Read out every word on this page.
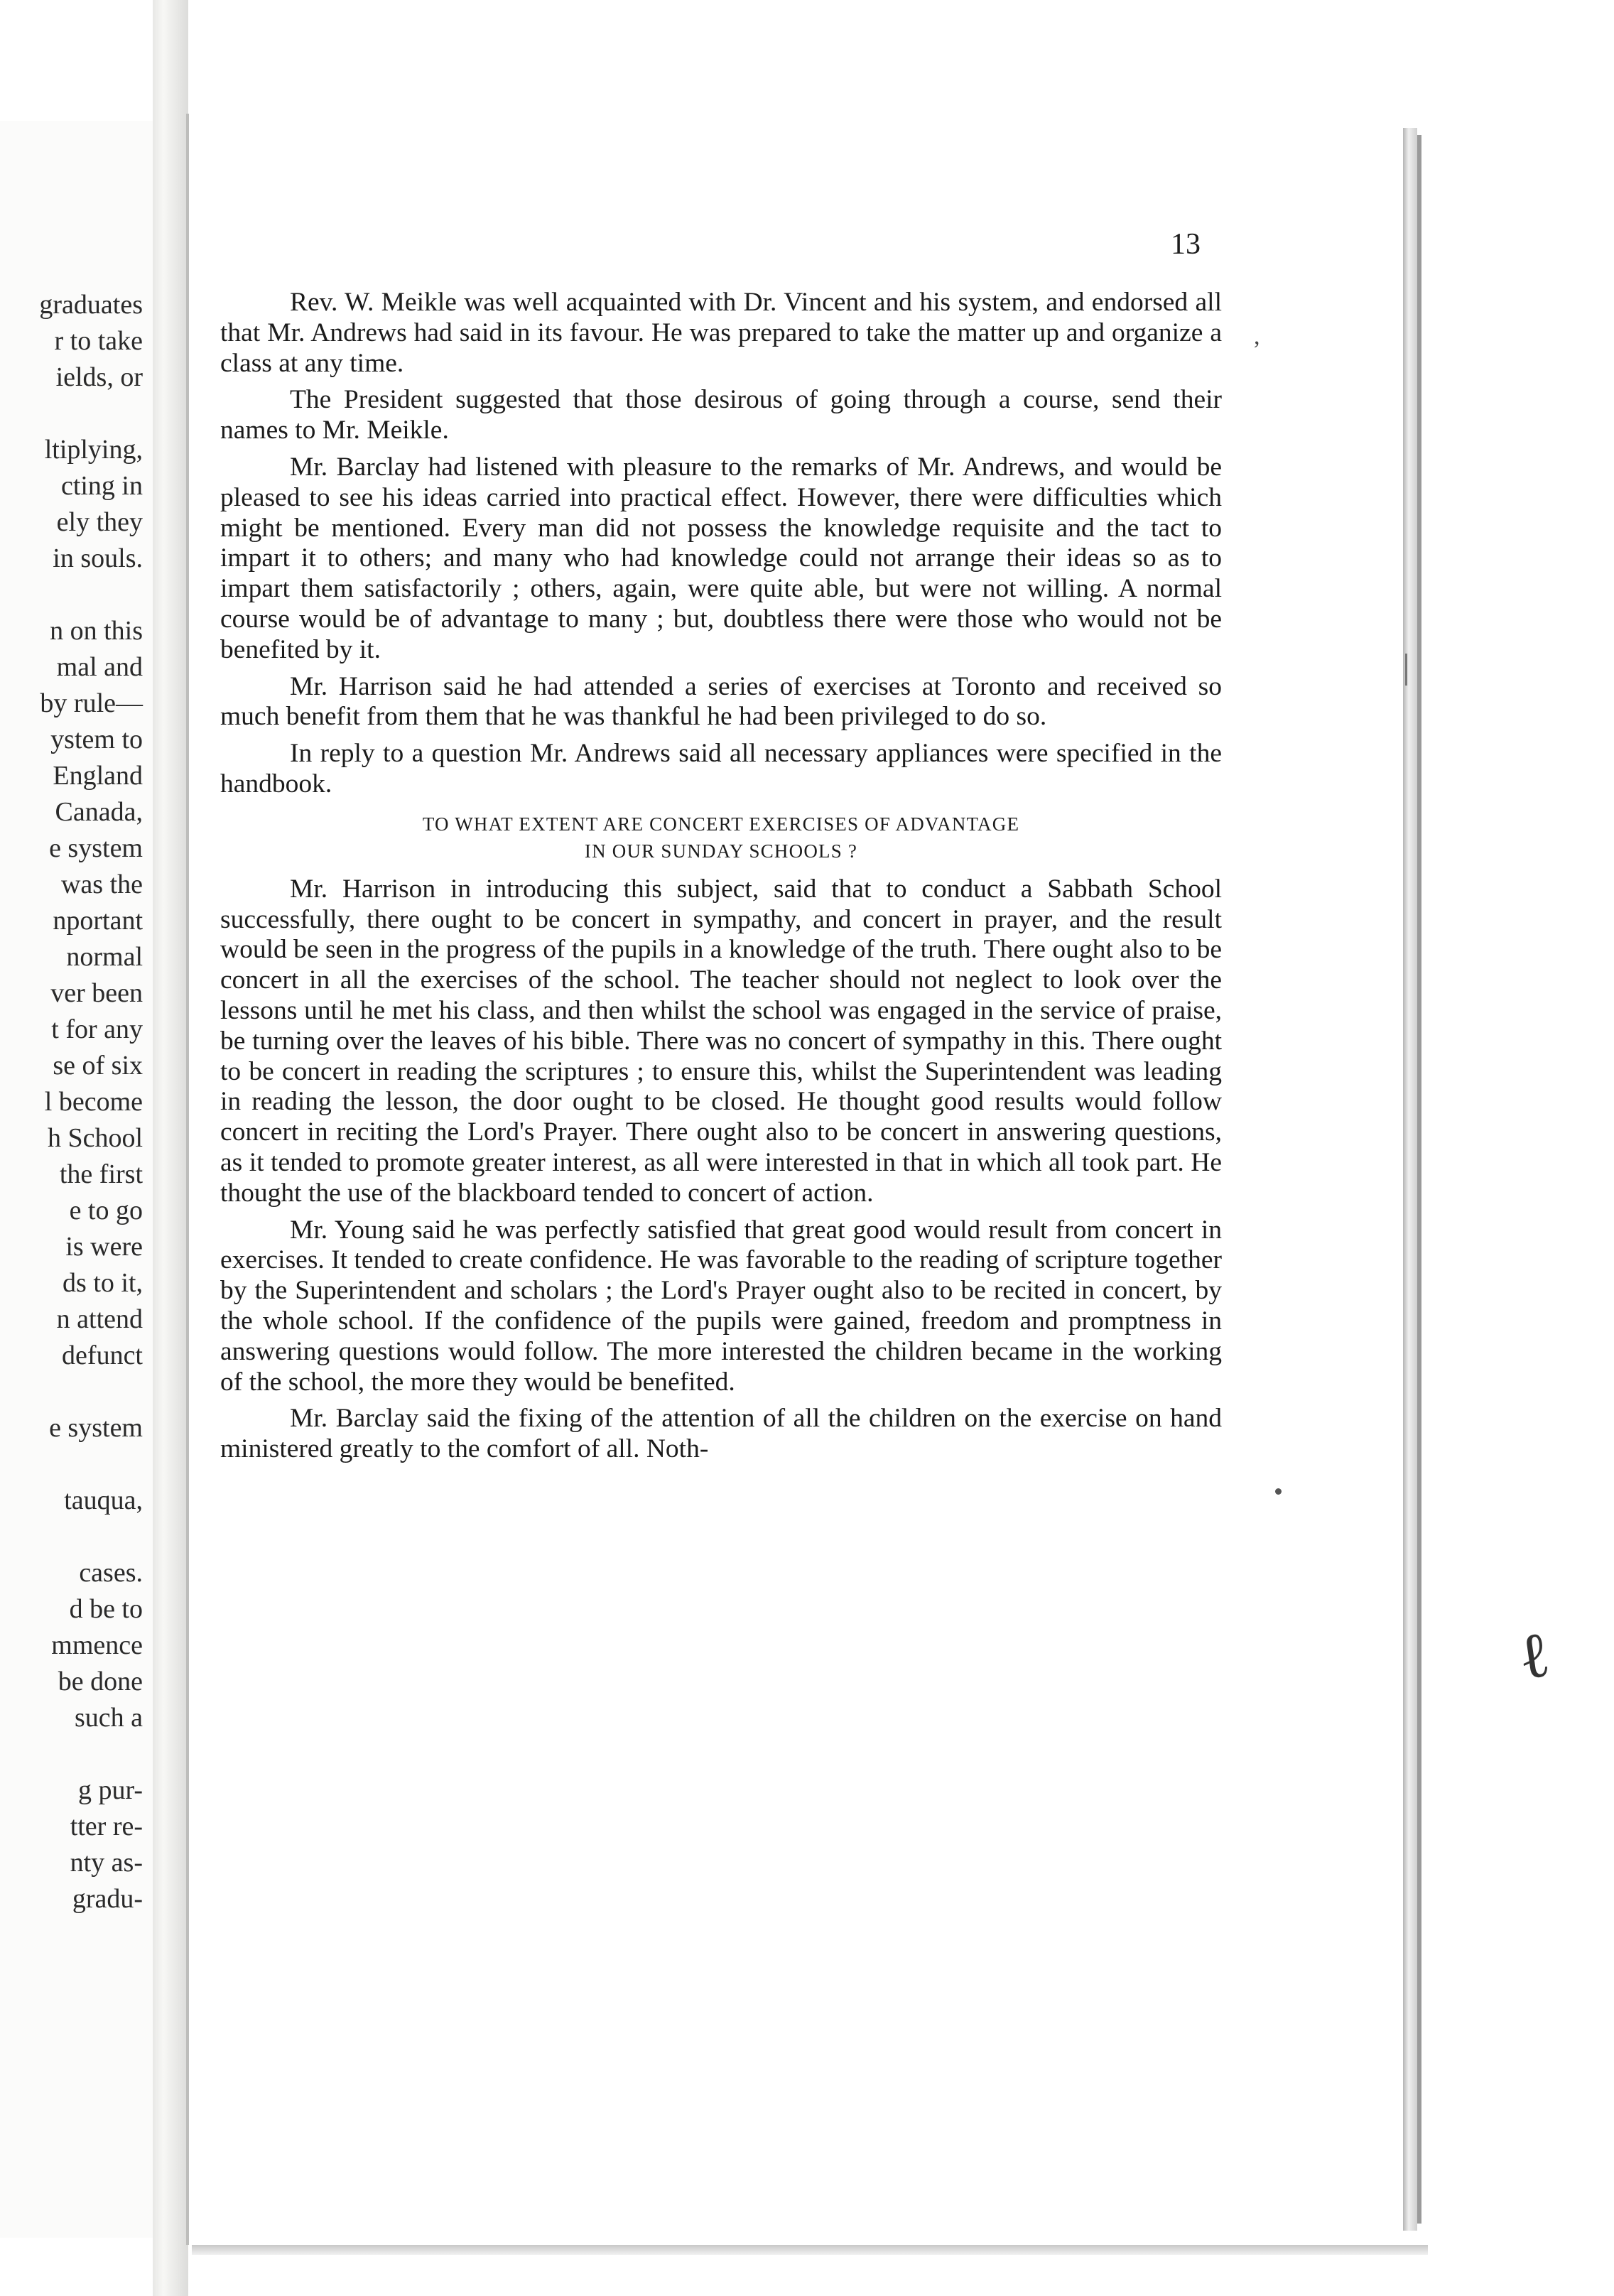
graduates
r to take
ields, or
ltiplying,
cting in
ely they
in souls.
n on this
mal and
by rule—
ystem to
England
Canada,
e system
was the
nportant
normal
ver been
t for any
se of six
l become
h School
the first
e to go
is were
ds to it,
n attend
defunct
e system
tauqua,
cases.
d be to
mmence
be done
such a
g pur-
tter re-
nty as-
gradu-
13

Rev. W. Meikle was well acquainted with Dr. Vincent and his system, and endorsed all that Mr. Andrews had said in its favour. He was prepared to take the matter up and organize a class at any time.

The President suggested that those desirous of going through a course, send their names to Mr. Meikle.

Mr. Barclay had listened with pleasure to the remarks of Mr. Andrews, and would be pleased to see his ideas carried into practical effect. However, there were difficulties which might be mentioned. Every man did not possess the knowledge requisite and the tact to impart it to others; and many who had knowledge could not arrange their ideas so as to impart them satisfactorily ; others, again, were quite able, but were not willing. A normal course would be of advantage to many ; but, doubtless there were those who would not be benefited by it.

Mr. Harrison said he had attended a series of exercises at Toronto and received so much benefit from them that he was thankful he had been privileged to do so.

In reply to a question Mr. Andrews said all necessary appliances were specified in the handbook.

TO WHAT EXTENT ARE CONCERT EXERCISES OF ADVANTAGE
IN OUR SUNDAY SCHOOLS ?

Mr. Harrison in introducing this subject, said that to conduct a Sabbath School successfully, there ought to be concert in sympathy, and concert in prayer, and the result would be seen in the progress of the pupils in a knowledge of the truth. There ought also to be concert in all the exercises of the school. The teacher should not neglect to look over the lessons until he met his class, and then whilst the school was engaged in the service of praise, be turning over the leaves of his bible. There was no concert of sympathy in this. There ought to be concert in reading the scriptures ; to ensure this, whilst the Superintendent was leading in reading the lesson, the door ought to be closed. He thought good results would follow concert in reciting the Lord's Prayer. There ought also to be concert in answering questions, as it tended to promote greater interest, as all were interested in that in which all took part. He thought the use of the blackboard tended to concert of action.

Mr. Young said he was perfectly satisfied that great good would result from concert in exercises. It tended to create confidence. He was favorable to the reading of scripture together by the Superintendent and scholars ; the Lord's Prayer ought also to be recited in concert, by the whole school. If the confidence of the pupils were gained, freedom and promptness in answering questions would follow. The more interested the children became in the working of the school, the more they would be benefited.

Mr. Barclay said the fixing of the attention of all the children on the exercise on hand ministered greatly to the comfort of all. Noth-

,
ℓ
